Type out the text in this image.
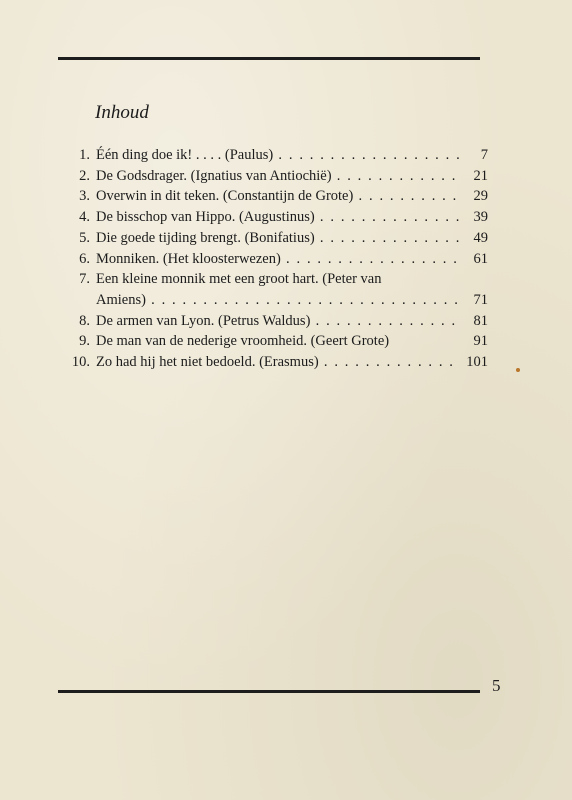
Inhoud
1. Één ding doe ik! . . . . (Paulus) . . .	7
2. De Godsdrager. (Ignatius van Antiochië) . . .	21
3. Overwin in dit teken. (Constantijn de Grote) . . .	29
4. De bisschop van Hippo. (Augustinus) . . .	39
5. Die goede tijding brengt. (Bonifatius) . . .	49
6. Monniken. (Het kloosterwezen) . . .	61
7. Een kleine monnik met een groot hart. (Peter van
Amiens) . . .	71
8. De armen van Lyon. (Petrus Waldus) . . .	81
9. De man van de nederige vroomheid. (Geert Grote)	91
10. Zo had hij het niet bedoeld. (Erasmus) . . .	101
5
